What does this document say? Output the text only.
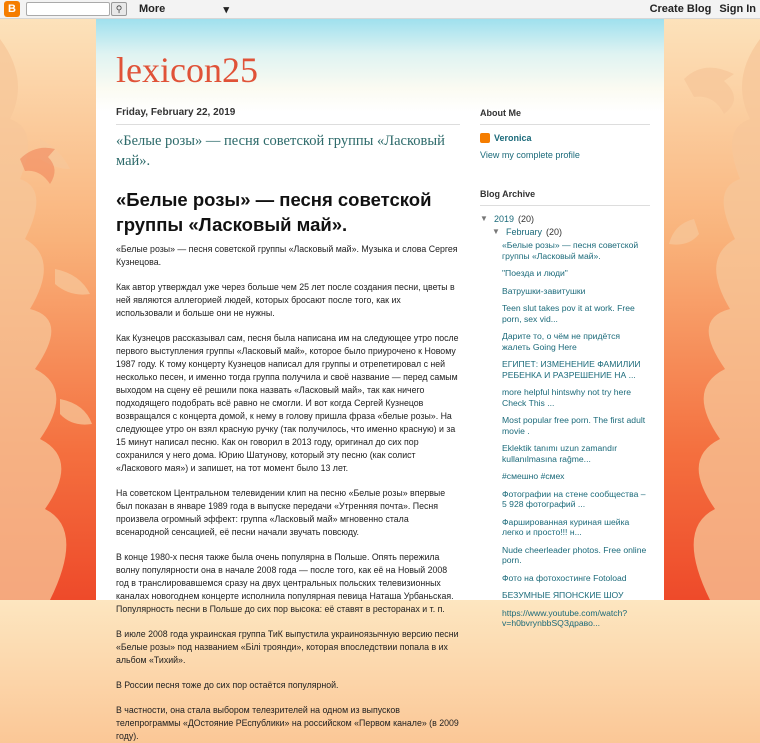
B	⚲	More	▾	Create Blog Sign In
lexicon25
Friday, February 22, 2019
«Белые розы» — песня советской группы «Ласковый май».
«Белые розы» — песня советской группы «Ласковый май».
«Белые розы» — песня советской группы «Ласковый май». Музыка и слова Сергея Кузнецова.
Как автор утверждал уже через больше чем 25 лет после создания песни, цветы в ней являются аллегорией людей, которых бросают после того, как их использовали и больше они не нужны.
Как Кузнецов рассказывал сам, песня была написана им на следующее утро после первого выступления группы «Ласковый май», которое было приурочено к Новому 1987 году. К тому концерту Кузнецов написал для группы и отрепетировал с ней несколько песен, и именно тогда группа получила и своё название — перед самым выходом на сцену её решили пока назвать «Ласковый май», так как ничего подходящего подобрать всё равно не смогли. И вот когда Сергей Кузнецов возвращался с концерта домой, к нему в голову пришла фраза «белые розы». На следующее утро он взял красную ручку (так получилось, что именно красную) и за 15 минут написал песню. Как он говорил в 2013 году, оригинал до сих пор сохранился у него дома. Юрию Шатунову, который эту песню (как солист «Ласкового мая») и запишет, на тот момент было 13 лет.
На советском Центральном телевидении клип на песню «Белые розы» впервые был показан в январе 1989 года в выпуске передачи «Утренняя почта». Песня произвела огромный эффект: группа «Ласковый май» мгновенно стала всенародной сенсацией, её песни начали звучать повсюду.
В конце 1980-х песня также была очень популярна в Польше. Опять пережила волну популярности она в начале 2008 года — после того, как её на Новый 2008 год в транслировавшемся сразу на двух центральных польских телевизионных каналах новогоднем концерте исполнила популярная певица Наташа Урбаньская. Популярность песни в Польше до сих пор высока: её ставят в ресторанах и т. п.
В июле 2008 года украинская группа ТиК выпустила украиноязычную версию песни «Белые розы» под названием «Білі троянди», которая впоследствии попала в их альбом «Тихий».
В России песня тоже до сих пор остаётся популярной.
В частности, она стала выбором телезрителей на одном из выпусков телепрограммы «ДОстояние РЕспублики» на российском «Первом канале» (в 2009 году).
About Me
Veronica
View my complete profile
Blog Archive
▼ 2019 (20)
▼ February (20)
«Белые розы» — песня советской группы «Ласковый май».
"Поезда и люди"
Ватрушки-завитушки
Teen slut takes pov it at work. Free porn, sex vid...
Дарите то, о чём не придётся жалеть Going Here
ЕГИПЕТ: ИЗМЕНЕНИЕ ФАМИЛИИ РЕБЕНКА И РАЗРЕШЕНИЕ НА ...
more helpful hintswhy not try here Check This ...
Most popular free porn. The first adult movie .
Eklektik tanımı uzun zamandır kullanılmasına rağme...
#смешно #смех
Фотографии на стене сообщества – 5 928 фотографий ...
Фаршированная куриная шейка легко и просто!!! н...
Nude cheerleader photos. Free online porn.
Фото на фотохостинге Fotoload
БЕЗУМНЫЕ ЯПОНСКИЕ ШОУ
https://www.youtube.com/watch?v=h0bvrynbbSQЗдраво...
